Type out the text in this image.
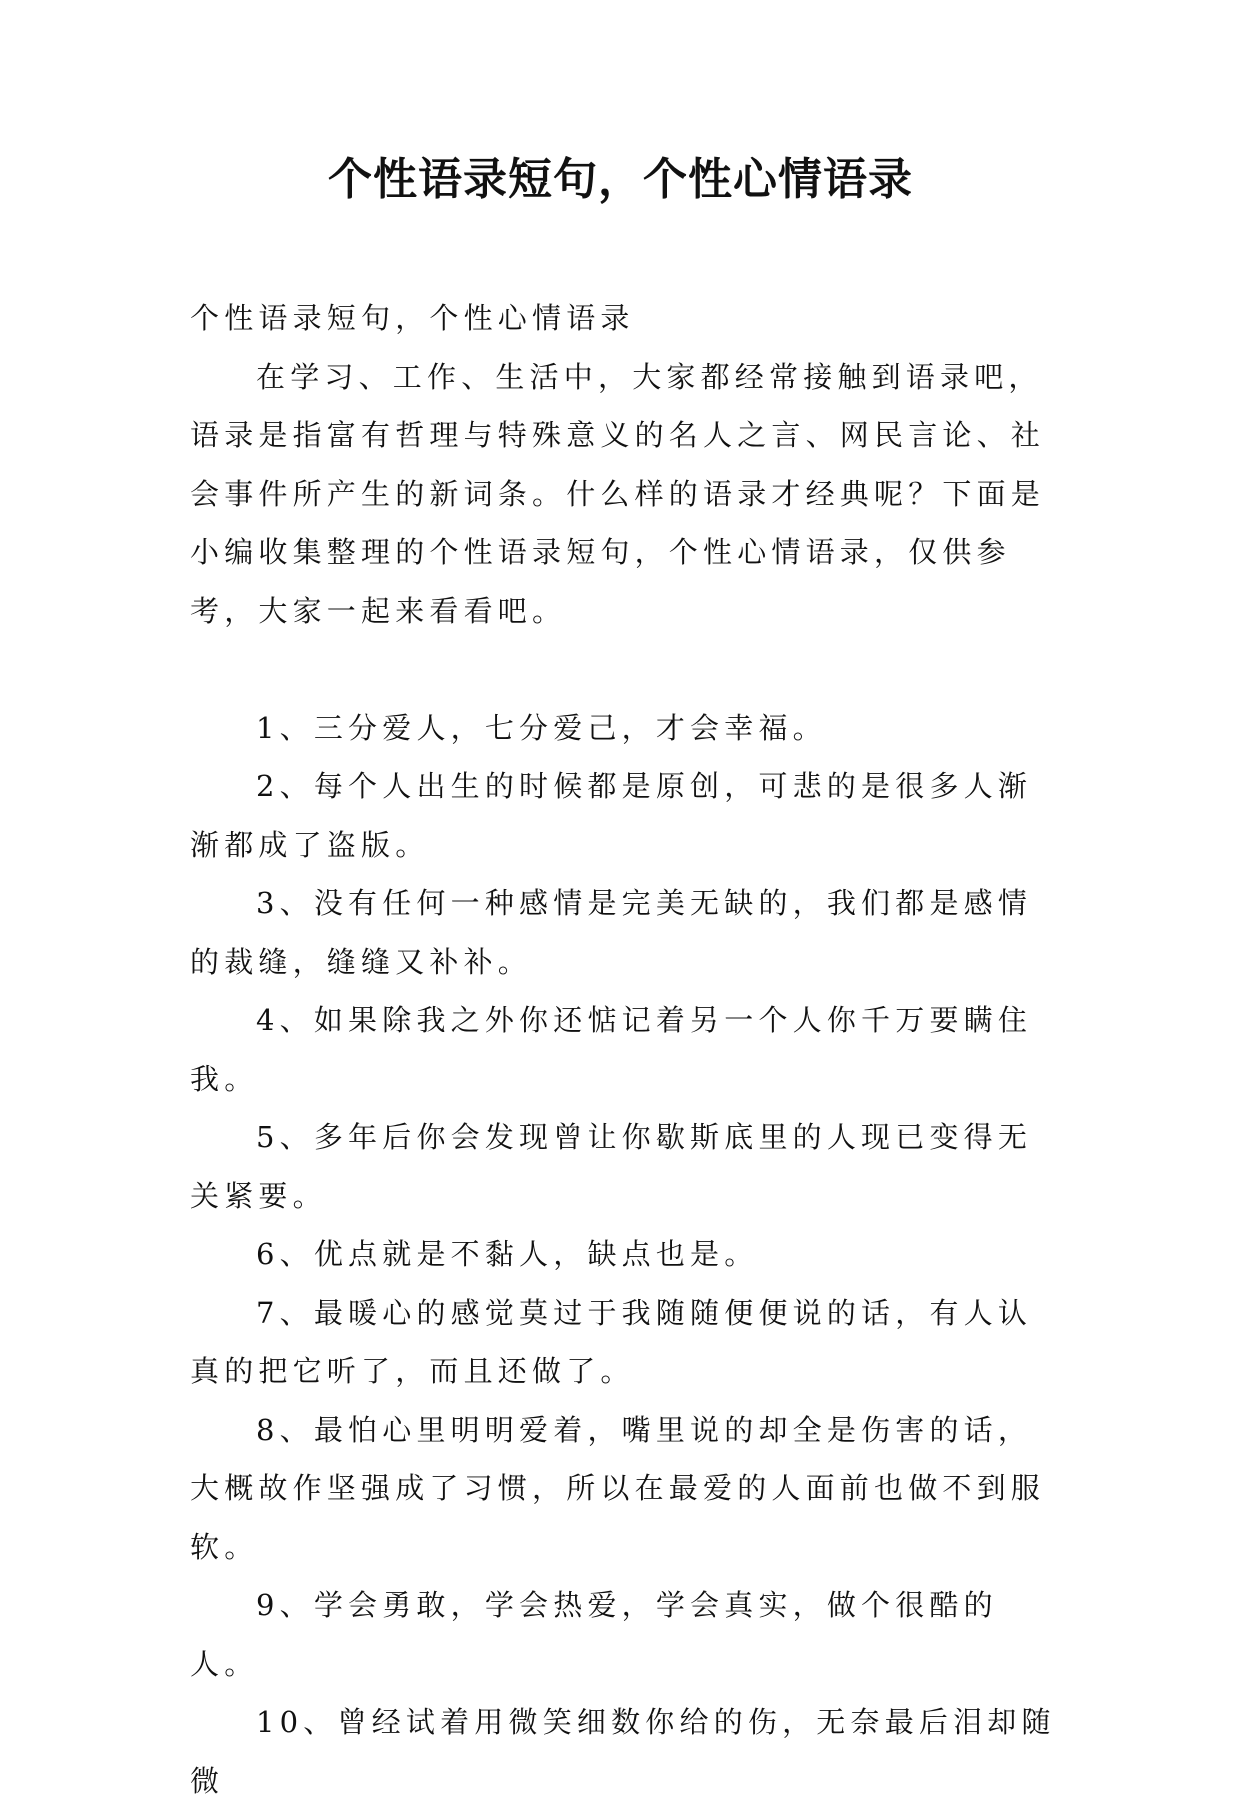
个性语录短句，个性心情语录

个性语录短句，个性心情语录

在学习、工作、生活中，大家都经常接触到语录吧，语录是指富有哲理与特殊意义的名人之言、网民言论、社会事件所产生的新词条。什么样的语录才经典呢？下面是小编收集整理的个性语录短句，个性心情语录，仅供参考，大家一起来看看吧。

1、三分爱人，七分爱己，才会幸福。

2、每个人出生的时候都是原创，可悲的是很多人渐渐都成了盗版。

3、没有任何一种感情是完美无缺的，我们都是感情的裁缝，缝缝又补补。

4、如果除我之外你还惦记着另一个人你千万要瞒住我。

5、多年后你会发现曾让你歇斯底里的人现已变得无关紧要。

6、优点就是不黏人，缺点也是。

7、最暖心的感觉莫过于我随随便便说的话，有人认真的把它听了，而且还做了。

8、最怕心里明明爱着，嘴里说的却全是伤害的话，大概故作坚强成了习惯，所以在最爱的人面前也做不到服软。

9、学会勇敢，学会热爱，学会真实，做个很酷的人。

10、曾经试着用微笑细数你给的伤，无奈最后泪却随微
